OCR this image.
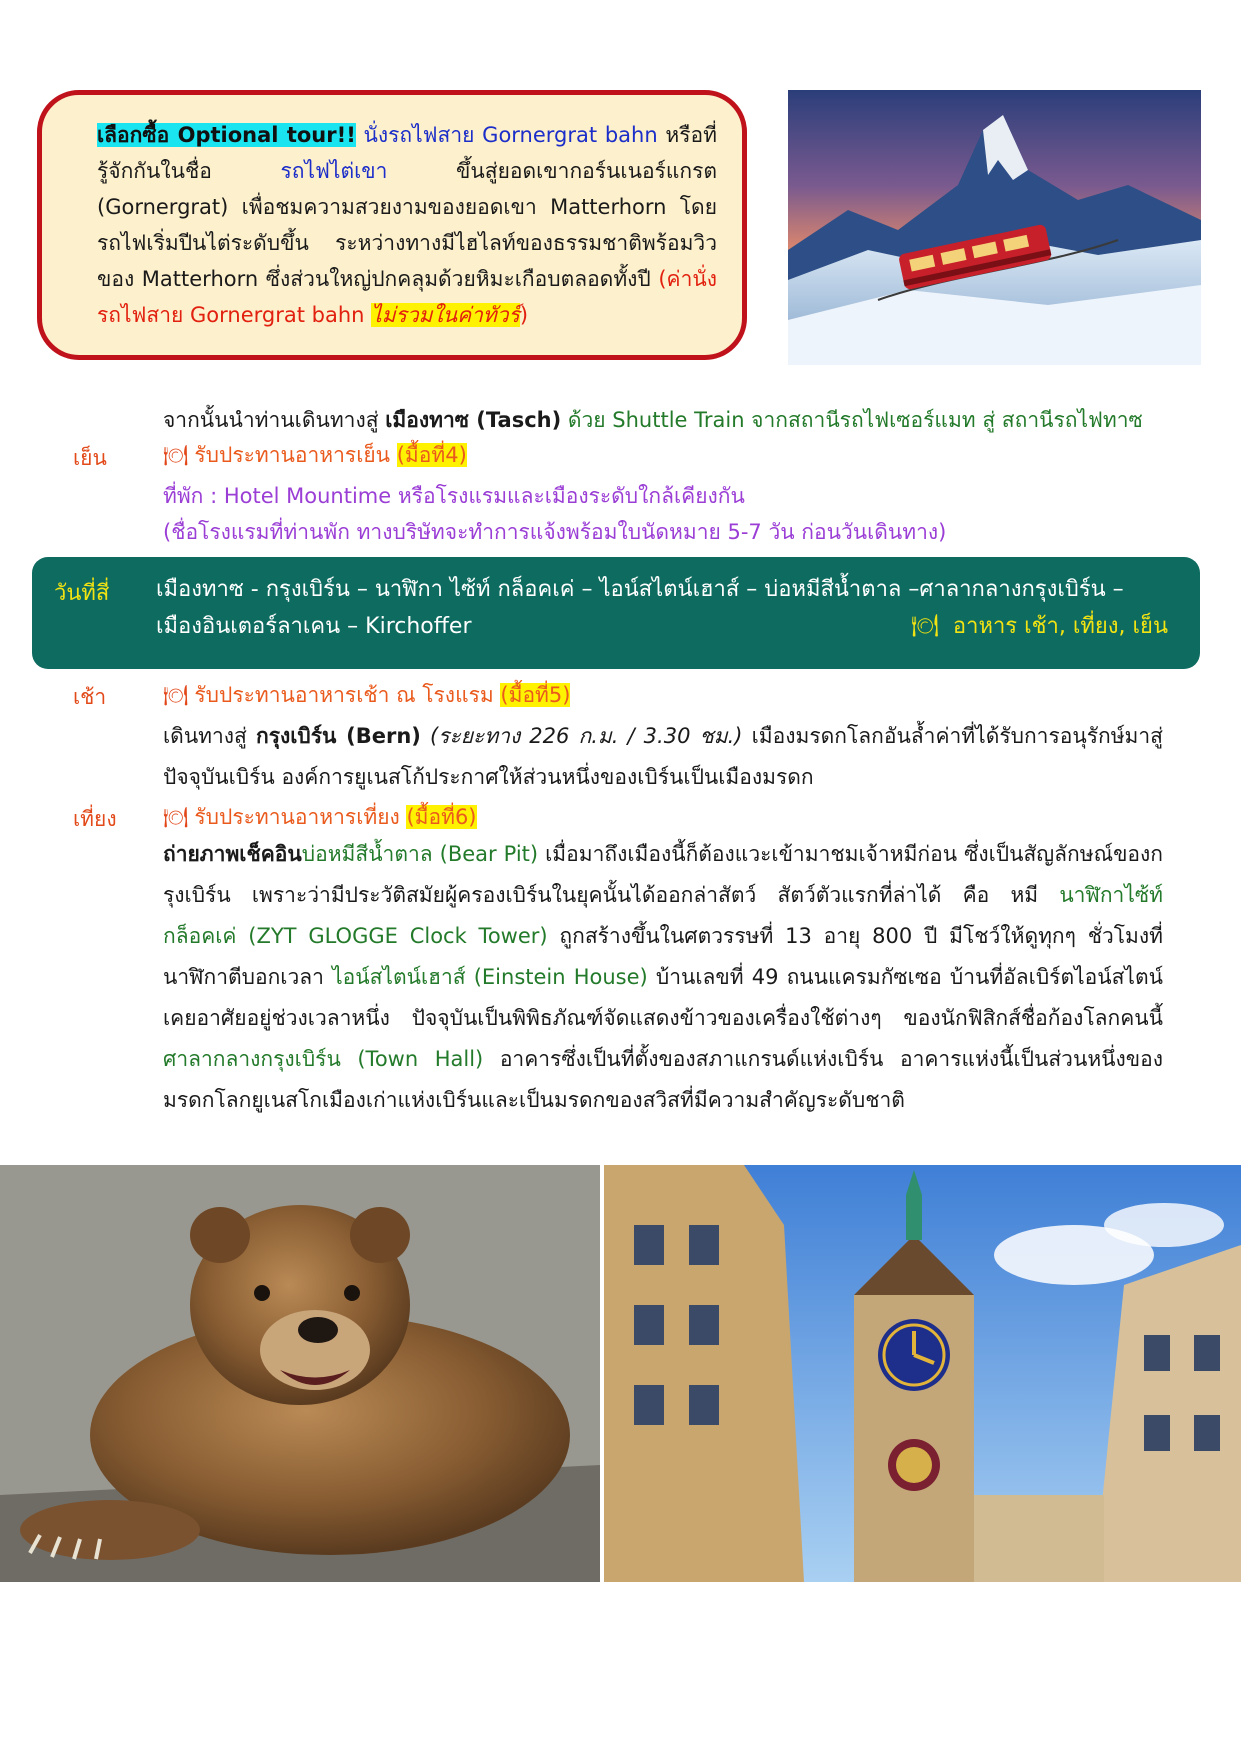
เลือกซื้อ Optional tour!! นั่งรถไฟสาย Gornergrat bahn หรือที่รู้จักกันในชื่อ รถไฟไต่เขา ขึ้นสู่ยอดเขากอร์นเนอร์แกรต (Gornergrat) เพื่อชมความสวยงามของยอดเขา Matterhorn โดยรถไฟเริ่มปีนไต่ระดับขึ้น ระหว่างทางมีไฮไลท์ของธรรมชาติพร้อมวิวของ Matterhorn ซึ่งส่วนใหญ่ปกคลุมด้วยหิมะเกือบตลอดทั้งปี (ค่านั่งรถไฟสาย Gornergrat bahn ไม่รวมในค่าทัวร์)
จากนั้นนำท่านเดินทางสู่ เมืองทาซ (Tasch) ด้วย Shuttle Train จากสถานีรถไฟเซอร์แมท สู่ สถานีรถไฟทาซ
เย็น	🍽 รับประทานอาหารเย็น (มื้อที่4)
ที่พัก : Hotel Mountime หรือโรงแรมและเมืองระดับใกล้เคียงกัน
(ชื่อโรงแรมที่ท่านพัก ทางบริษัทจะทำการแจ้งพร้อมใบนัดหมาย 5-7 วัน ก่อนวันเดินทาง)
วันที่สี่ เมืองทาซ - กรุงเบิร์น – นาฬิกา ไซ้ท์ กล็อคเค่ – ไอน์สไตน์เฮาส์ – บ่อหมีสีน้ำตาล –ศาลากลางกรุงเบิร์น – เมืองอินเตอร์ลาเคน – Kirchoffer	🍽 อาหาร เช้า, เที่ยง, เย็น
เช้า	🍽 รับประทานอาหารเช้า ณ โรงแรม (มื้อที่5)
เดินทางสู่ กรุงเบิร์น (Bern) (ระยะทาง 226 ก.ม. / 3.30 ชม.) เมืองมรดกโลกอันล้ำค่าที่ได้รับการอนุรักษ์มาสู่ปัจจุบันเบิร์น องค์การยูเนสโก้ประกาศให้ส่วนหนึ่งของเบิร์นเป็นเมืองมรดก
เที่ยง 🍽 รับประทานอาหารเที่ยง (มื้อที่6)
ถ่ายภาพเช็คอินบ่อหมีสีน้ำตาล (Bear Pit) เมื่อมาถึงเมืองนี้ก็ต้องแวะเข้ามาชมเจ้าหมีก่อน ซึ่งเป็นสัญลักษณ์ของกรุงเบิร์น เพราะว่ามีประวัติสมัยผู้ครองเบิร์นในยุคนั้นได้ออกล่าสัตว์ สัตว์ตัวแรกที่ล่าได้ คือ หมี นาฬิกาไซ้ท์ กล็อคเค่ (ZYT GLOGGE Clock Tower) ถูกสร้างขึ้นในศตวรรษที่ 13 อายุ 800 ปี มีโชว์ให้ดูทุกๆ ชั่วโมงที่นาฬิกาตีบอกเวลา ไอน์สไตน์เฮาส์ (Einstein House) บ้านเลขที่ 49 ถนนแครมกัซเซอ บ้านที่อัลเบิร์ตไอน์สไตน์ เคยอาศัยอยู่ช่วงเวลาหนึ่ง ปัจจุบันเป็นพิพิธภัณฑ์จัดแสดงข้าวของเครื่องใช้ต่างๆ ของนักฟิสิกส์ชื่อก้องโลกคนนี้ ศาลากลางกรุงเบิร์น (Town Hall) อาคารซึ่งเป็นที่ตั้งของสภาแกรนด์แห่งเบิร์น อาคารแห่งนี้เป็นส่วนหนึ่งของมรดกโลกยูเนสโกเมืองเก่าแห่งเบิร์นและเป็นมรดกของสวิสที่มีความสำคัญระดับชาติ
